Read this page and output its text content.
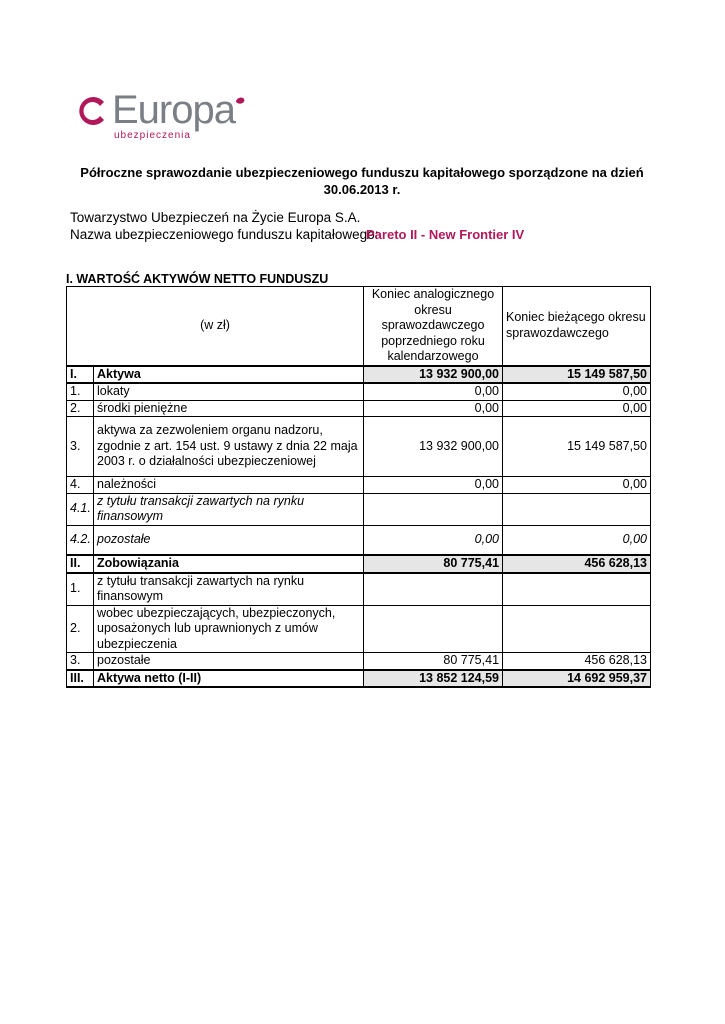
Europa
ubezpieczenia
Półroczne sprawozdanie ubezpieczeniowego funduszu kapitałowego sporządzone na dzień
30.06.2013 r.
Towarzystwo Ubezpieczeń na Życie Europa S.A.
Nazwa ubezpieczeniowego funduszu kapitałowego:
Pareto II - New Frontier IV
I. WARTOŚĆ AKTYWÓW NETTO FUNDUSZU
(w zł)		Koniec analogicznego okresu sprawozdawczego poprzedniego roku kalendarzowego	Koniec bieżącego okresu sprawozdawczego
I.	Aktywa	13 932 900,00	15 149 587,50
1.	lokaty	0,00	0,00
2.	środki pieniężne	0,00	0,00
3.	aktywa za zezwoleniem organu nadzoru, zgodnie z art. 154 ust. 9 ustawy z dnia 22 maja 2003 r. o działalności ubezpieczeniowej	13 932 900,00	15 149 587,50
4.	należności	0,00	0,00
4.1.	z tytułu transakcji zawartych na rynku finansowym		
4.2.	pozostałe	0,00	0,00
II.	Zobowiązania	80 775,41	456 628,13
1.	z tytułu transakcji zawartych na rynku finansowym		
2.	wobec ubezpieczających, ubezpieczonych, uposażonych lub uprawnionych z umów ubezpieczenia		
3.	pozostałe	80 775,41	456 628,13
III.	Aktywa netto (I-II)	13 852 124,59	14 692 959,37
